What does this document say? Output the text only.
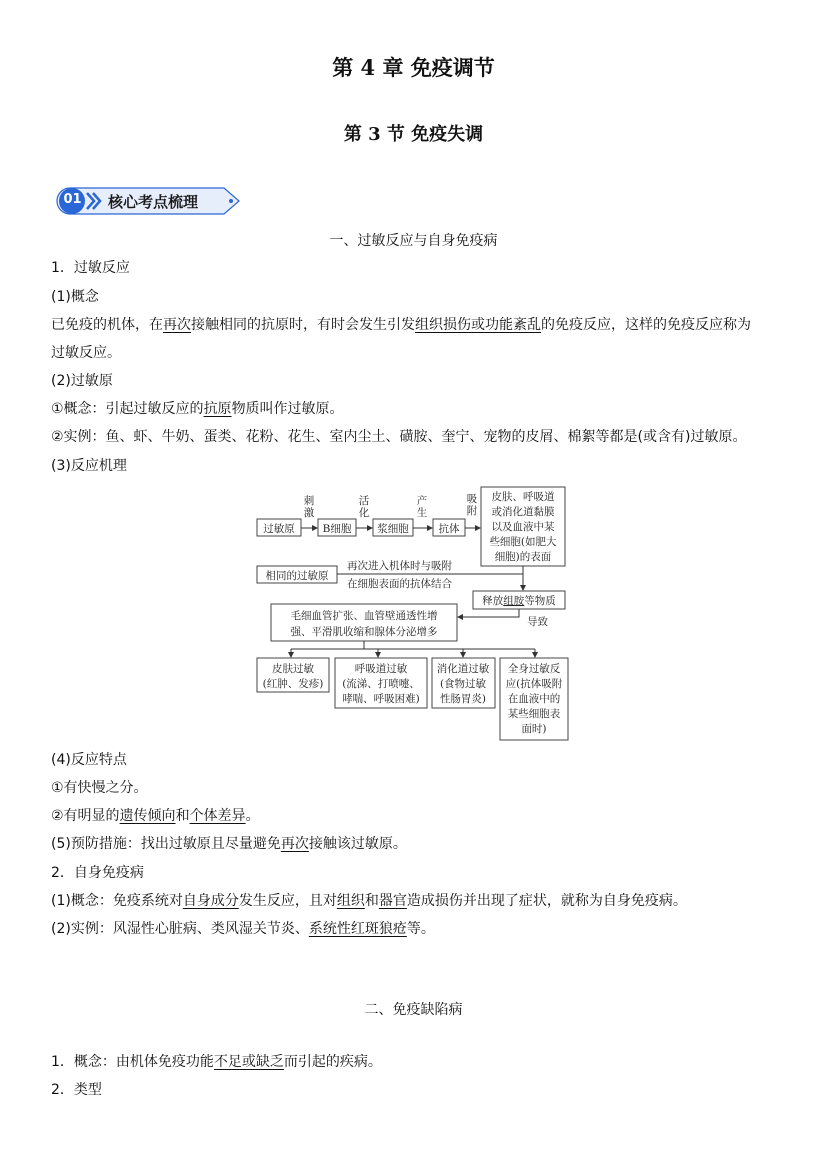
第 4 章 免疫调节
第 3 节 免疫失调
01 核心考点梳理
一、过敏反应与自身免疫病
1．过敏反应
(1)概念
已免疫的机体，在再次接触相同的抗原时，有时会发生引发组织损伤或功能紊乱的免疫反应，这样的免疫反应称为
过敏反应。
(2)过敏原
①概念：引起过敏反应的抗原物质叫作过敏原。
②实例：鱼、虾、牛奶、蛋类、花粉、花生、室内尘土、磺胺、奎宁、宠物的皮屑、棉絮等都是(或含有)过敏原。
(3)反应机理
过敏原	B细胞 浆细胞	抗体
皮肤、呼吸道
或消化道黏膜
以及血液中某
些细胞(如肥大
细胞)的表面
刺
激
活
化
产
生
吸
附
相同的过敏原
再次进入机体时与吸附
在细胞表面的抗体结合
释放组胺等物质
导致
毛细血管扩张、血管壁通透性增
强、平滑肌收缩和腺体分泌增多
皮肤过敏
(红肿、发疹)
呼吸道过敏
(流涕、打喷嚏、
哮喘、呼吸困难)
消化道过敏
(食物过敏
性肠胃炎)
全身过敏反
应(抗体吸附
在血液中的
某些细胞表
面时)
(4)反应特点
①有快慢之分。
②有明显的遗传倾向和个体差异。
(5)预防措施：找出过敏原且尽量避免再次接触该过敏原。
2．自身免疫病
(1)概念：免疫系统对自身成分发生反应，且对组织和器官造成损伤并出现了症状，就称为自身免疫病。
(2)实例：风湿性心脏病、类风湿关节炎、系统性红斑狼疮等。
二、免疫缺陷病
1．概念：由机体免疫功能不足或缺乏而引起的疾病。
2．类型
